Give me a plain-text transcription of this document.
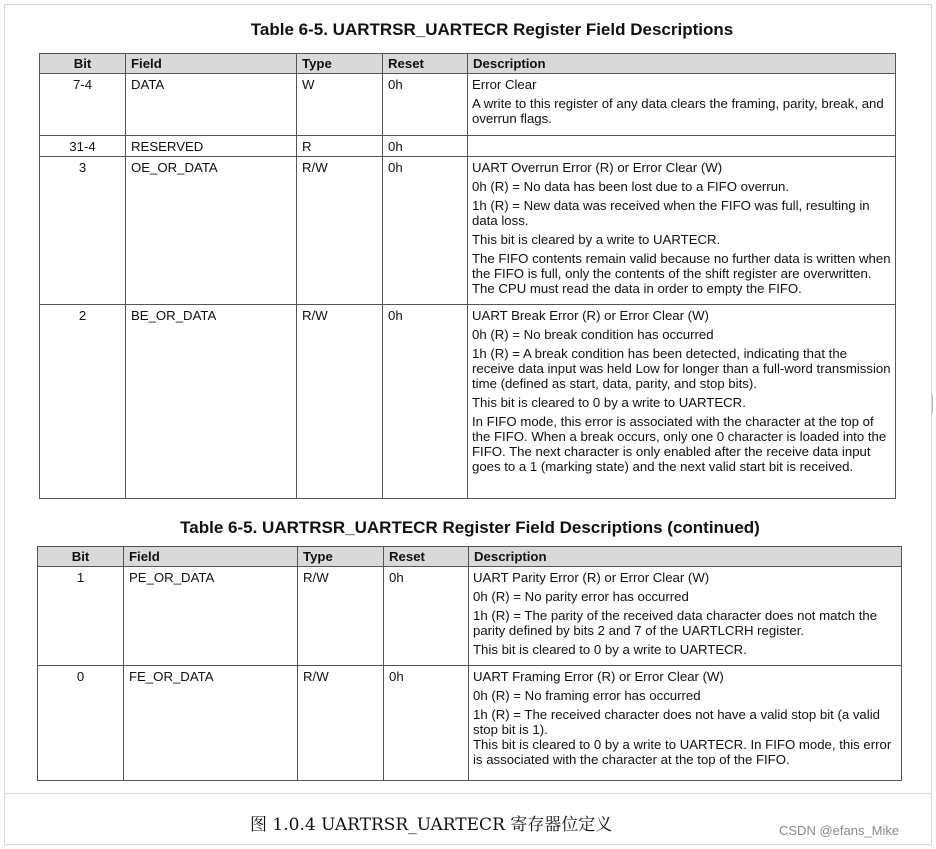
Table 6-5. UARTRSR_UARTECR Register Field Descriptions
Bit	Field	Type	Reset	Description
7-4	DATA	W	0h	Error Clear

A write to this register of any data clears the framing, parity, break, and overrun flags.

31-4	RESERVED	R	0h	
3	OE_OR_DATA	R/W	0h	UART Overrun Error (R) or Error Clear (W)

0h (R) = No data has been lost due to a FIFO overrun.

1h (R) = New data was received when the FIFO was full, resulting in data loss.

This bit is cleared by a write to UARTECR.

The FIFO contents remain valid because no further data is written when the FIFO is full, only the contents of the shift register are overwritten. The CPU must read the data in order to empty the FIFO.

2	BE_OR_DATA	R/W	0h	UART Break Error (R) or Error Clear (W)

0h (R) = No break condition has occurred

1h (R) = A break condition has been detected, indicating that the receive data input was held Low for longer than a full-word transmission time (defined as start, data, parity, and stop bits).

This bit is cleared to 0 by a write to UARTECR.

In FIFO mode, this error is associated with the character at the top of the FIFO. When a break occurs, only one 0 character is loaded into the FIFO. The next character is only enabled after the receive data input goes to a 1 (marking state) and the next valid start bit is received.

Table 6-5. UARTRSR_UARTECR Register Field Descriptions (continued)
Bit	Field	Type	Reset	Description
1	PE_OR_DATA	R/W	0h	UART Parity Error (R) or Error Clear (W)

0h (R) = No parity error has occurred

1h (R) = The parity of the received data character does not match the parity defined by bits 2 and 7 of the UARTLCRH register.

This bit is cleared to 0 by a write to UARTECR.

0	FE_OR_DATA	R/W	0h	UART Framing Error (R) or Error Clear (W)

0h (R) = No framing error has occurred

1h (R) = The received character does not have a valid stop bit (a valid stop bit is 1).
This bit is cleared to 0 by a write to UARTECR. In FIFO mode, this error is associated with the character at the top of the FIFO.

图 1.0.4 UARTRSR_UARTECR 寄存器位定义	CSDN @efans_Mike
